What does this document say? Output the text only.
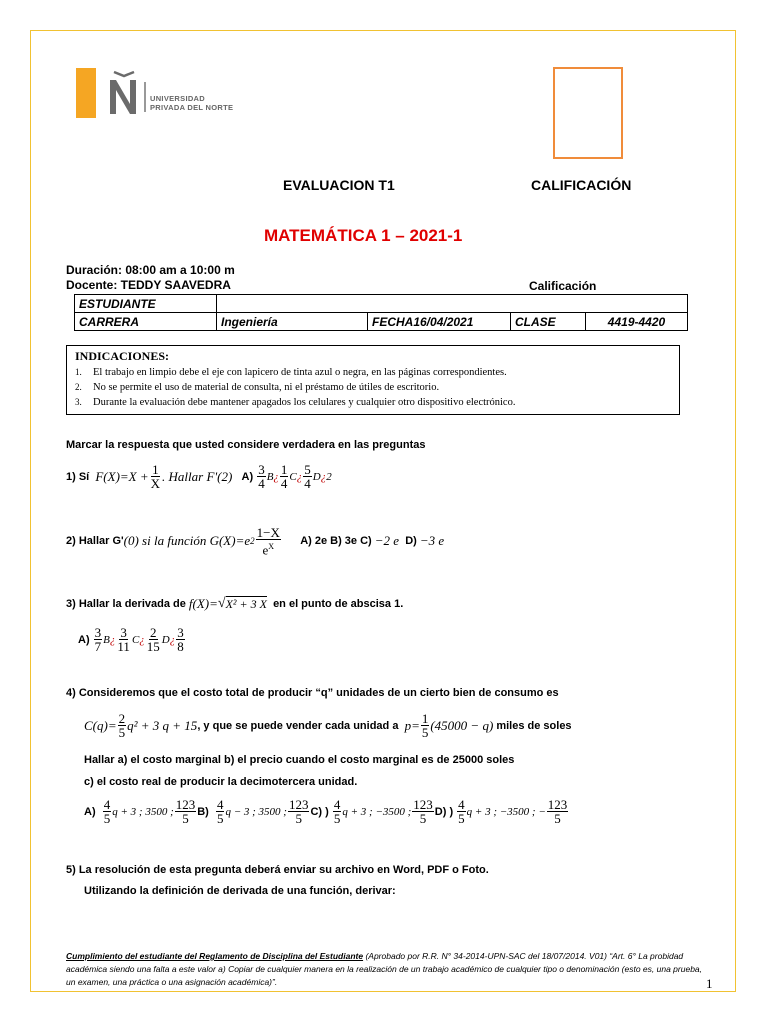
UNIVERSIDAD
PRIVADA DEL NORTE
EVALUACION T1	CALIFICACIÓN
MATEMÁTICA 1 – 2021-1
Duración: 08:00 am a 10:00 m
Docente: TEDDY SAAVEDRA	Calificación
ESTUDIANTE				
CARRERA	Ingeniería	FECHA16/04/2021	CLASE	4419-4420
INDICACIONES:
1.	El trabajo en limpio debe el eje con lapicero de tinta azul o negra, en las páginas correspondientes.
2.	No se permite el uso de material de consulta, ni el préstamo de útiles de escritorio.
3.	Durante la evaluación debe mantener apagados los celulares y cualquier otro dispositivo electrónico.
Marcar la respuesta que usted considere verdadera en las preguntas
1) Sí
$F(X)=X + \frac{1}{X}$ . Hallar F'(2)
A)
$\frac{3}{4}$ B ¿ $\frac{1}{4}$ C ¿ $\frac{5}{4}$ D ¿ 2
2) Hallar G' (0) si la función G(X)=e $2 \frac{1-X}{e^X}$
A) 2e B) 3e C)
−2 e
D)
−3 e
3) Hallar la derivada de
f(X)= √ X² + 3 X
en el punto de abscisa 1.
A)
$\frac{3}{7}$ B ¿ $\frac{3}{11}$ C ¿ $\frac{2}{15}$ D ¿ $\frac{3}{8}$
4) Consideremos que el costo total de producir “q” unidades de un cierto bien de consumo es
$C(q)= \frac{2}{5} q^2 + 3$ q + 15 , y que se puede vender cada unidad a
$p= \frac{1}{5} (45000 - q)$
miles de soles
Hallar a) el costo marginal b) el precio cuando el costo marginal es de 25000 soles
c) el costo real de producir la decimotercera unidad.
A)
$\frac{4}{5}$ q + 3 ; 3500 ; $\frac{123}{5} B$)
$\frac{4}{5}$ q − 3 ; 3500 ; $\frac{123}{5} C$) )
$\frac{4}{5}$ q + 3 ; −3500 ; $\frac{123}{5} D$) )
$\frac{4}{5}$ q + 3 ; −3500 ; − $\frac{123}{5}$
5) La resolución de esta pregunta deberá enviar su archivo en Word, PDF o Foto.
Utilizando la definición de derivada de una función, derivar:
Cumplimiento del estudiante del Reglamento de Disciplina del Estudiante (Aprobado por R.R. N° 34-2014-UPN-SAC del 18/07/2014. V01) “Art. 6° La probidad académica siendo una falta a este valor a) Copiar de cualquier manera en la realización de un trabajo académico de cualquier tipo o denominación (esto es, una prueba, un examen, una práctica o una asignación académica)”.	1
